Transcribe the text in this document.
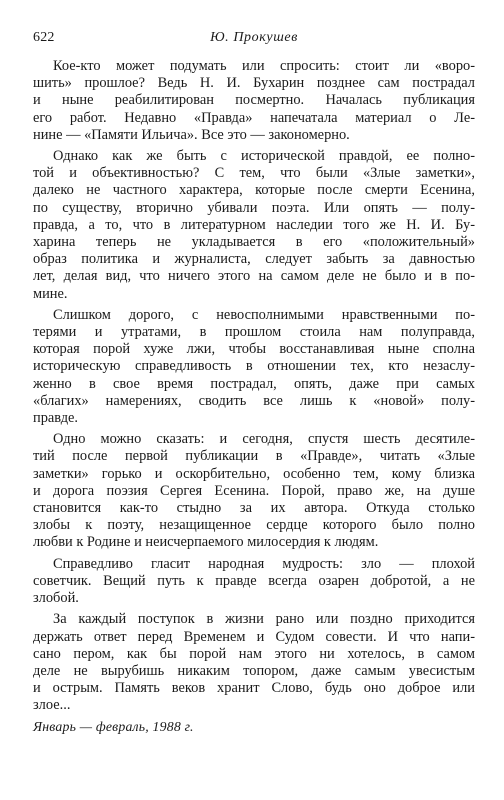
622	Ю. Прокушев
Кое-кто может подумать или спросить: стоит ли «воро-
шить» прошлое? Ведь Н. И. Бухарин позднее сам пострадал
и ныне реабилитирован посмертно. Началась публикация
его работ. Недавно «Правда» напечатала материал о Ле-
нине — «Памяти Ильича». Все это — закономерно.
Однако как же быть с исторической правдой, ее полно-
той и объективностью? С тем, что были «Злые заметки»,
далеко не частного характера, которые после смерти Есенина,
по существу, вторично убивали поэта. Или опять — полу-
правда, а то, что в литературном наследии того же Н. И. Бу-
харина теперь не укладывается в его «положительный»
образ политика и журналиста, следует забыть за давностью
лет, делая вид, что ничего этого на самом деле не было и в по-
мине.
Слишком дорого, с невосполнимыми нравственными по-
терями и утратами, в прошлом стоила нам полуправда,
которая порой хуже лжи, чтобы восстанавливая ныне сполна
историческую справедливость в отношении тех, кто незаслу-
женно в свое время пострадал, опять, даже при самых
«благих» намерениях, сводить все лишь к «новой» полу-
правде.
Одно можно сказать: и сегодня, спустя шесть десятиле-
тий после первой публикации в «Правде», читать «Злые
заметки» горько и оскорбительно, особенно тем, кому близка
и дорога поэзия Сергея Есенина. Порой, право же, на душе
становится как-то стыдно за их автора. Откуда столько
злобы к поэту, незащищенное сердце которого было полно
любви к Родине и неисчерпаемого милосердия к людям.
Справедливо гласит народная мудрость: зло — плохой
советчик. Вещий путь к правде всегда озарен добротой, а не
злобой.
За каждый поступок в жизни рано или поздно приходится
держать ответ перед Временем и Судом совести. И что напи-
сано пером, как бы порой нам этого ни хотелось, в самом
деле не вырубишь никаким топором, даже самым увесистым
и острым. Память веков хранит Слово, будь оно доброе или
злое...
Январь — февраль, 1988 г.
